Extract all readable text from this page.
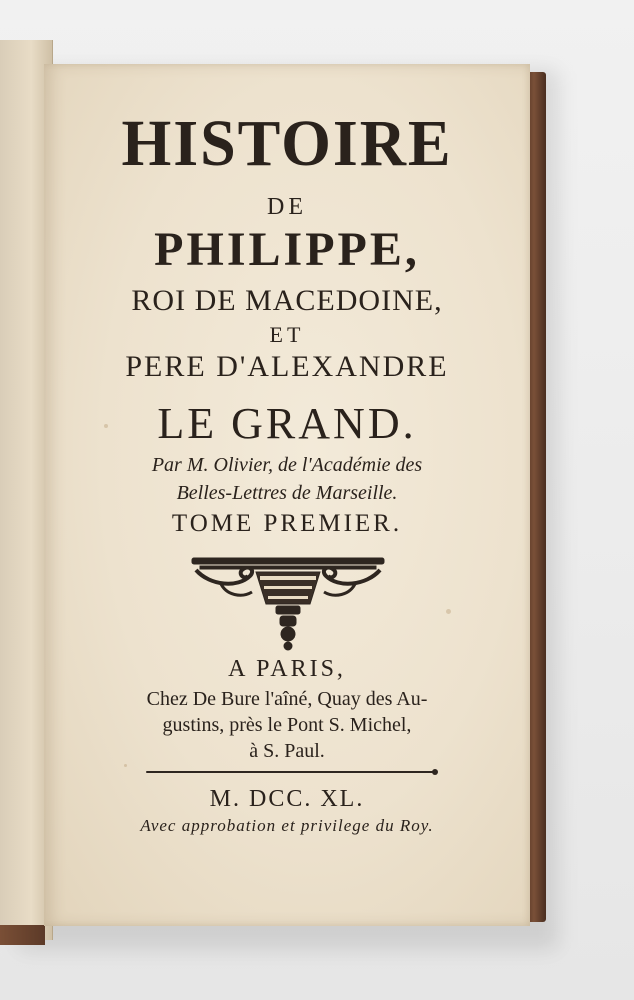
HISTOIRE
DE
PHILIPPE,
ROI DE MACEDOINE,
ET
PERE D'ALEXANDRE
LE GRAND.
Par M. Olivier, de l'Académie des
Belles-Lettres de Marseille.
TOME PREMIER.
A PARIS,
Chez De Bure l'aîné, Quay des Au-
gustins, près le Pont S. Michel,
à S. Paul.
M. DCC. XL.
Avec approbation et privilege du Roy.
